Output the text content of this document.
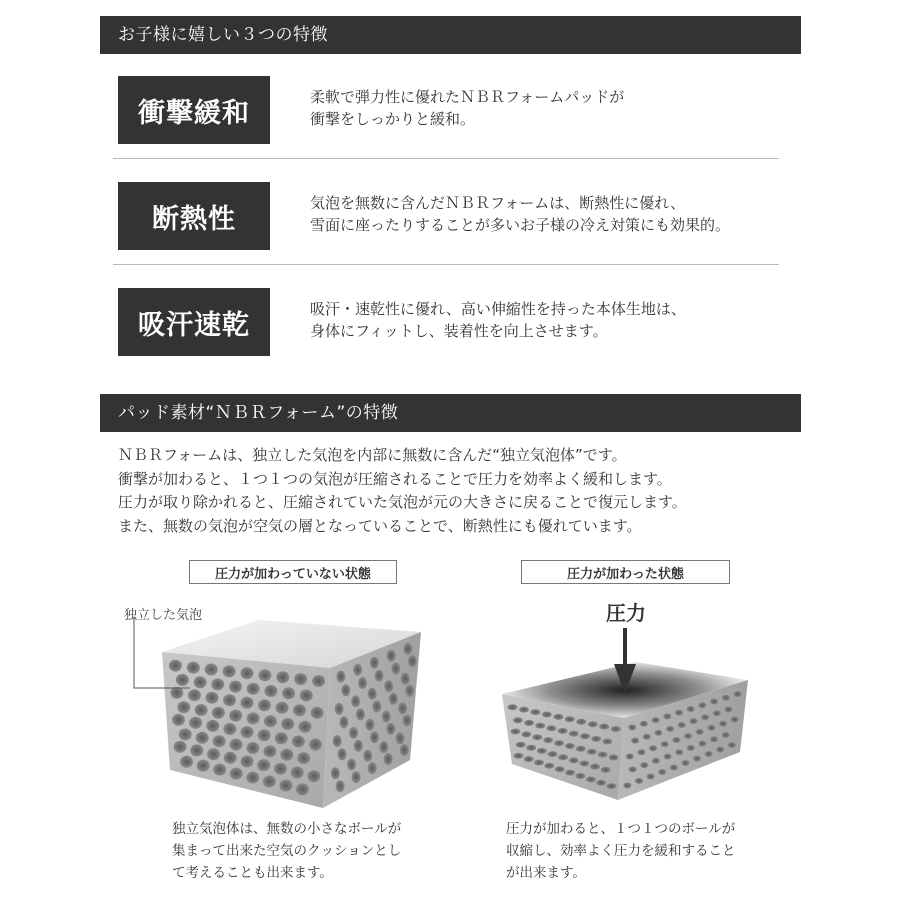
お子様に嬉しい３つの特徴
衝撃緩和
柔軟で弾力性に優れたＮＢＲフォームパッドが
衝撃をしっかりと緩和。
断熱性
気泡を無数に含んだＮＢＲフォームは、断熱性に優れ、
雪面に座ったりすることが多いお子様の冷え対策にも効果的。
吸汗速乾
吸汗・速乾性に優れ、高い伸縮性を持った本体生地は、
身体にフィットし、装着性を向上させます。
パッド素材“ＮＢＲフォーム”の特徴
ＮＢＲフォームは、独立した気泡を内部に無数に含んだ“独立気泡体”です。
衝撃が加わると、１つ１つの気泡が圧縮されることで圧力を効率よく緩和します。
圧力が取り除かれると、圧縮されていた気泡が元の大きさに戻ることで復元します。
また、無数の気泡が空気の層となっていることで、断熱性にも優れています。
圧力が加わっていない状態	圧力が加わった状態
独立した気泡	圧力
独立気泡体は、無数の小さなボールが
集まって出来た空気のクッションとし
て考えることも出来ます。
圧力が加わると、１つ１つのボールが
収縮し、効率よく圧力を緩和すること
が出来ます。
